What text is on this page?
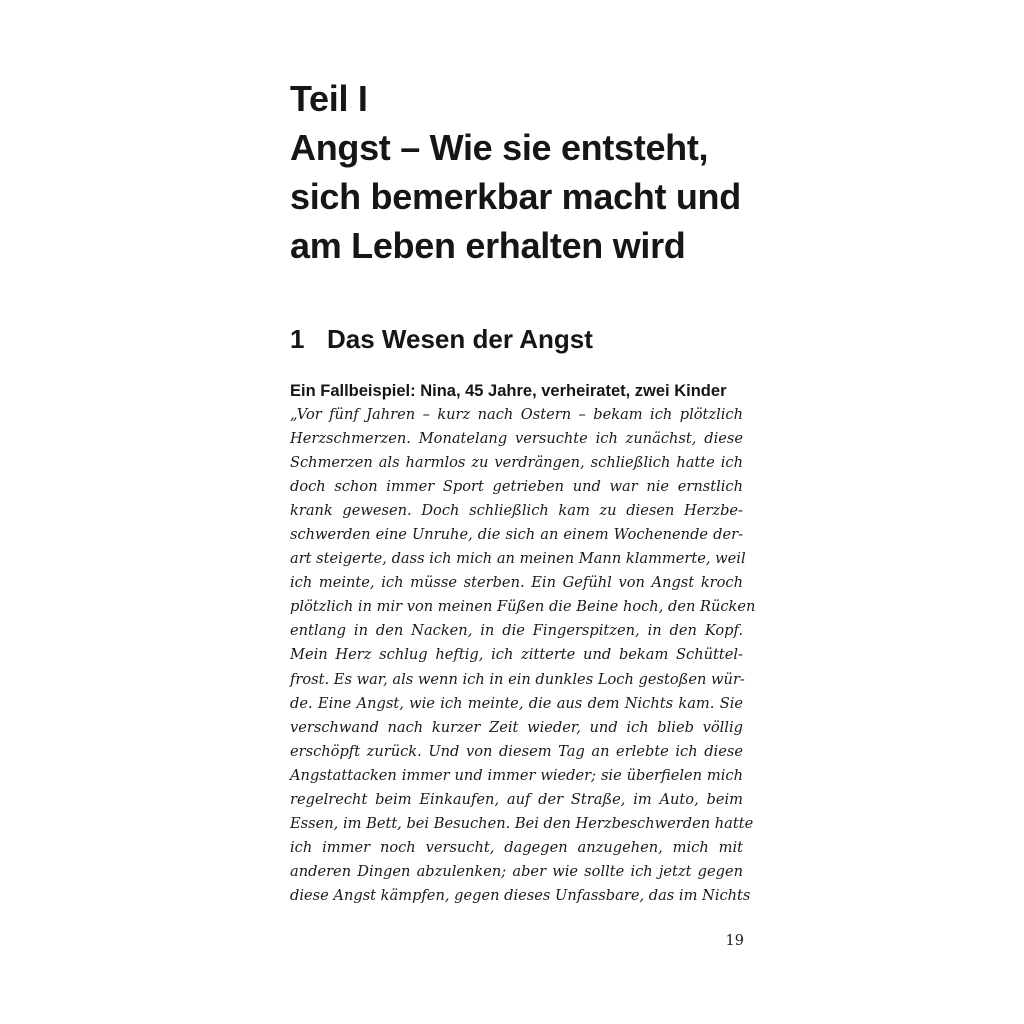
Teil I
Angst – Wie sie entsteht,
sich bemerkbar macht und
am Leben erhalten wird
1 Das Wesen der Angst
Ein Fallbeispiel: Nina, 45 Jahre, verheiratet, zwei Kinder
„Vor fünf Jahren – kurz nach Ostern – bekam ich plötzlich
Herzschmerzen. Monatelang versuchte ich zunächst, diese
Schmerzen als harmlos zu verdrängen, schließlich hatte ich
doch schon immer Sport getrieben und war nie ernstlich
krank gewesen. Doch schließlich kam zu diesen Herzbe-
schwerden eine Unruhe, die sich an einem Wochenende der-
art steigerte, dass ich mich an meinen Mann klammerte, weil
ich meinte, ich müsse sterben. Ein Gefühl von Angst kroch
plötzlich in mir von meinen Füßen die Beine hoch, den Rücken
entlang in den Nacken, in die Fingerspitzen, in den Kopf.
Mein Herz schlug heftig, ich zitterte und bekam Schüttel-
frost. Es war, als wenn ich in ein dunkles Loch gestoßen wür-
de. Eine Angst, wie ich meinte, die aus dem Nichts kam. Sie
verschwand nach kurzer Zeit wieder, und ich blieb völlig
erschöpft zurück. Und von diesem Tag an erlebte ich diese
Angstattacken immer und immer wieder; sie überfielen mich
regelrecht beim Einkaufen, auf der Straße, im Auto, beim
Essen, im Bett, bei Besuchen. Bei den Herzbeschwerden hatte
ich immer noch versucht, dagegen anzugehen, mich mit
anderen Dingen abzulenken; aber wie sollte ich jetzt gegen
diese Angst kämpfen, gegen dieses Unfassbare, das im Nichts
19
